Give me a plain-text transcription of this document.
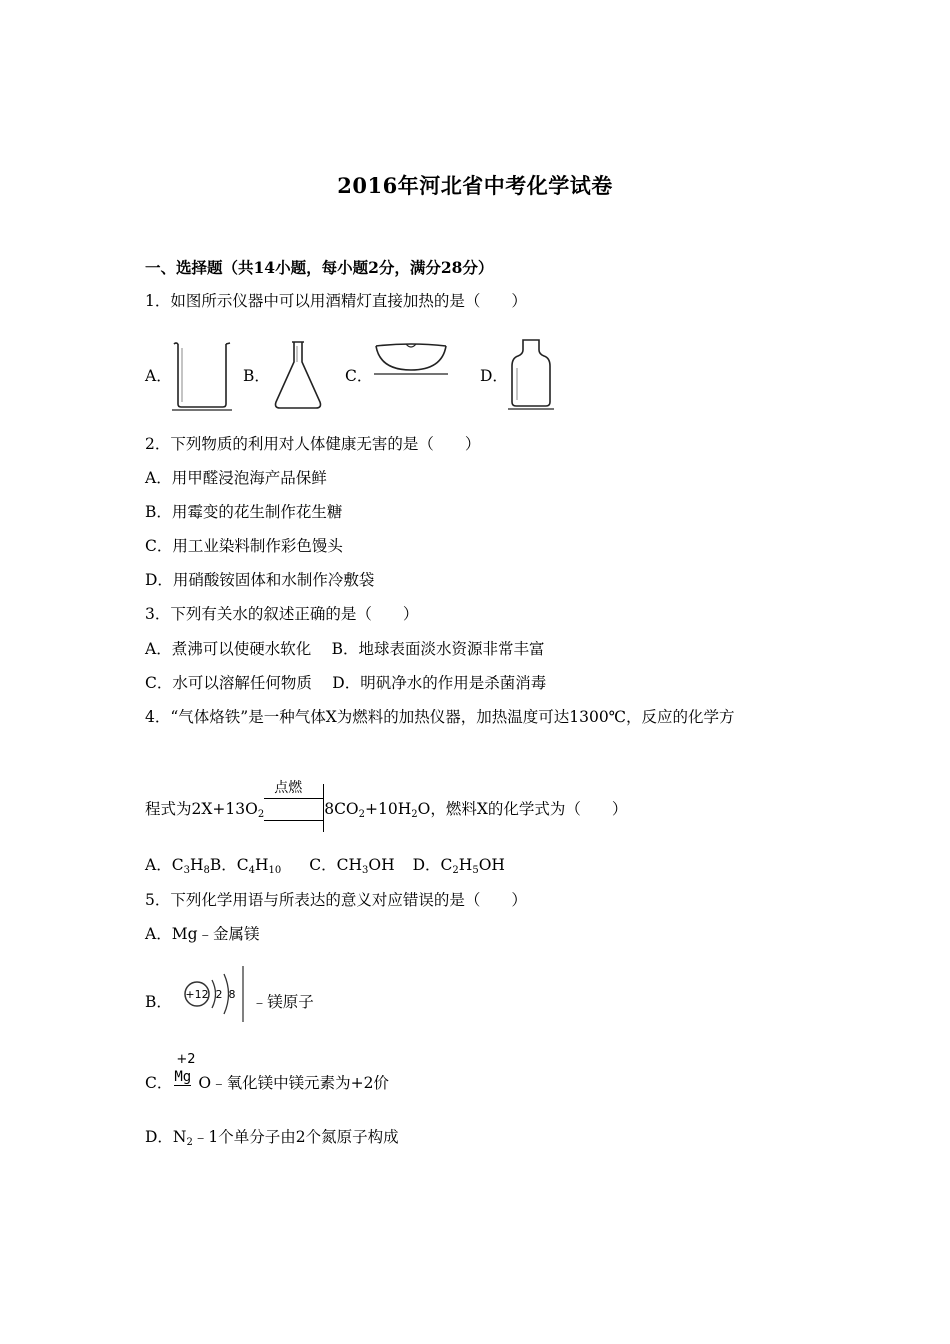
2016年河北省中考化学试卷
一、选择题（共14小题，每小题2分，满分28分）
1．如图所示仪器中可以用酒精灯直接加热的是（　　）
A．	B．	C．	D．
2．下列物质的利用对人体健康无害的是（　　）
A．用甲醛浸泡海产品保鲜
B．用霉变的花生制作花生糖
C．用工业染料制作彩色馒头
D．用硝酸铵固体和水制作冷敷袋
3．下列有关水的叙述正确的是（　　）
A．煮沸可以使硬水软化　 B．地球表面淡水资源非常丰富
C．水可以溶解任何物质　 D．明矾净水的作用是杀菌消毒
4．“气体烙铁”是一种气体X为燃料的加热仪器，加热温度可达1300℃，反应的化学方
程式为$2X+13O_2$
点燃
$8CO_2+10H_2O$，燃料X的化学式为（　　）
A．$C_3H_8B$．$C_4H_{10}$ C．$CH_3OH$ D．$C_2H_5OH$
5．下列化学用语与所表达的意义对应错误的是（　　）
A．Mg﹣金属镁
B． +12 2 8 ﹣镁原子
C．
+2
Mg O﹣氧化镁中镁元素为+2价
D．$N_2﹣1$个单分子由2个氮原子构成
